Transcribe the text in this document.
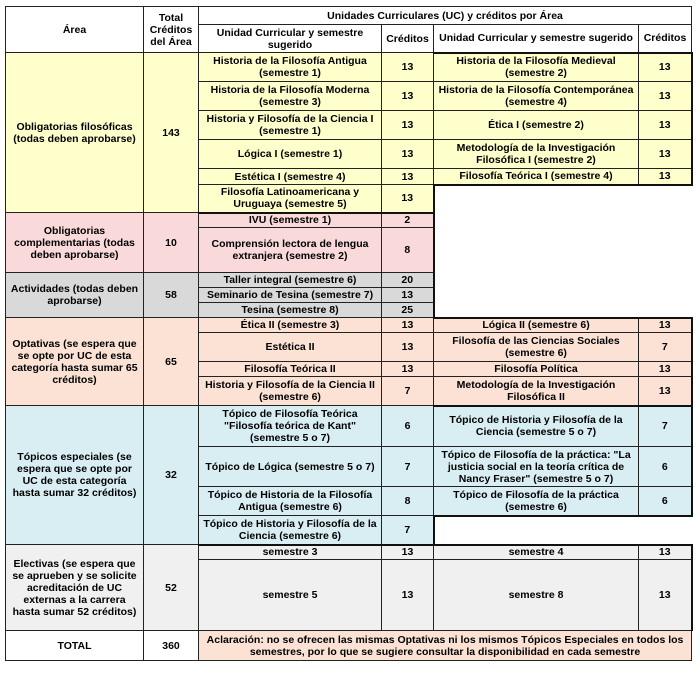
Área	Total Créditos del Área	Unidades Curriculares (UC) y créditos por Área			
		Unidad Curricular y semestre sugerido	Créditos	Unidad Curricular y semestre sugerido	Créditos
Obligatorias filosóficas (todas deben aprobarse)	143	Historia de la Filosofía Antigua (semestre 1)	13	Historia de la Filosofía Medieval (semestre 2)	13
		Historia de la Filosofía Moderna (semestre 3)	13	Historia de la Filosofía Contemporánea (semestre 4)	13
		Historia y Filosofía de la Ciencia I (semestre 1)	13	Ética I (semestre 2)	13
		Lógica I (semestre 1)	13	Metodología de la Investigación Filosófica I (semestre 2)	13
		Estética I (semestre 4)	13	Filosofía Teórica I (semestre 4)	13
		Filosofía Latinoamericana y Uruguaya (semestre 5)	13		
Obligatorias complementarias (todas deben aprobarse)	10	IVU (semestre 1)	2		
		Comprensión lectora de lengua extranjera (semestre 2)	8		
Actividades (todas deben aprobarse)	58	Taller integral (semestre 6)	20		
		Seminario de Tesina (semestre 7)	13		
		Tesina (semestre 8)	25		
Optativas (se espera que se opte por UC de esta categoría hasta sumar 65 créditos)	65	Ética II (semestre 3)	13	Lógica II (semestre 6)	13
		Estética II	13	Filosofía de las Ciencias Sociales (semestre 6)	7
		Filosofía Teórica II	13	Filosofía Política	13
		Historia y Filosofía de la Ciencia II (semestre 6)	7	Metodología de la Investigación Filosófica II	13
Tópicos especiales (se espera que se opte por UC de esta categoría hasta sumar 32 créditos)	32	Tópico de Filosofía Teórica "Filosofía teórica de Kant" (semestre 5 o 7)	6	Tópico de Historia y Filosofía de la Ciencia (semestre 5 o 7)	7
		Tópico de Lógica (semestre 5 o 7)	7	Tópico de Filosofía de la práctica: "La justicia social en la teoría crítica de Nancy Fraser" (semestre 5 o 7)	6
		Tópico de Historia de la Filosofía Antigua (semestre 6)	8	Tópico de Filosofía de la práctica (semestre 6)	6
		Tópico de Historia y Filosofía de la Ciencia (semestre 6)	7		
Electivas (se espera que se aprueben y se solicite acreditación de UC externas a la carrera hasta sumar 52 créditos)	52	semestre 3	13	semestre 4	13
		semestre 5	13	semestre 8	13
TOTAL	360	Aclaración: no se ofrecen las mismas Optativas ni los mismos Tópicos Especiales en todos los semestres, por lo que se sugiere consultar la disponibilidad en cada semestre			
